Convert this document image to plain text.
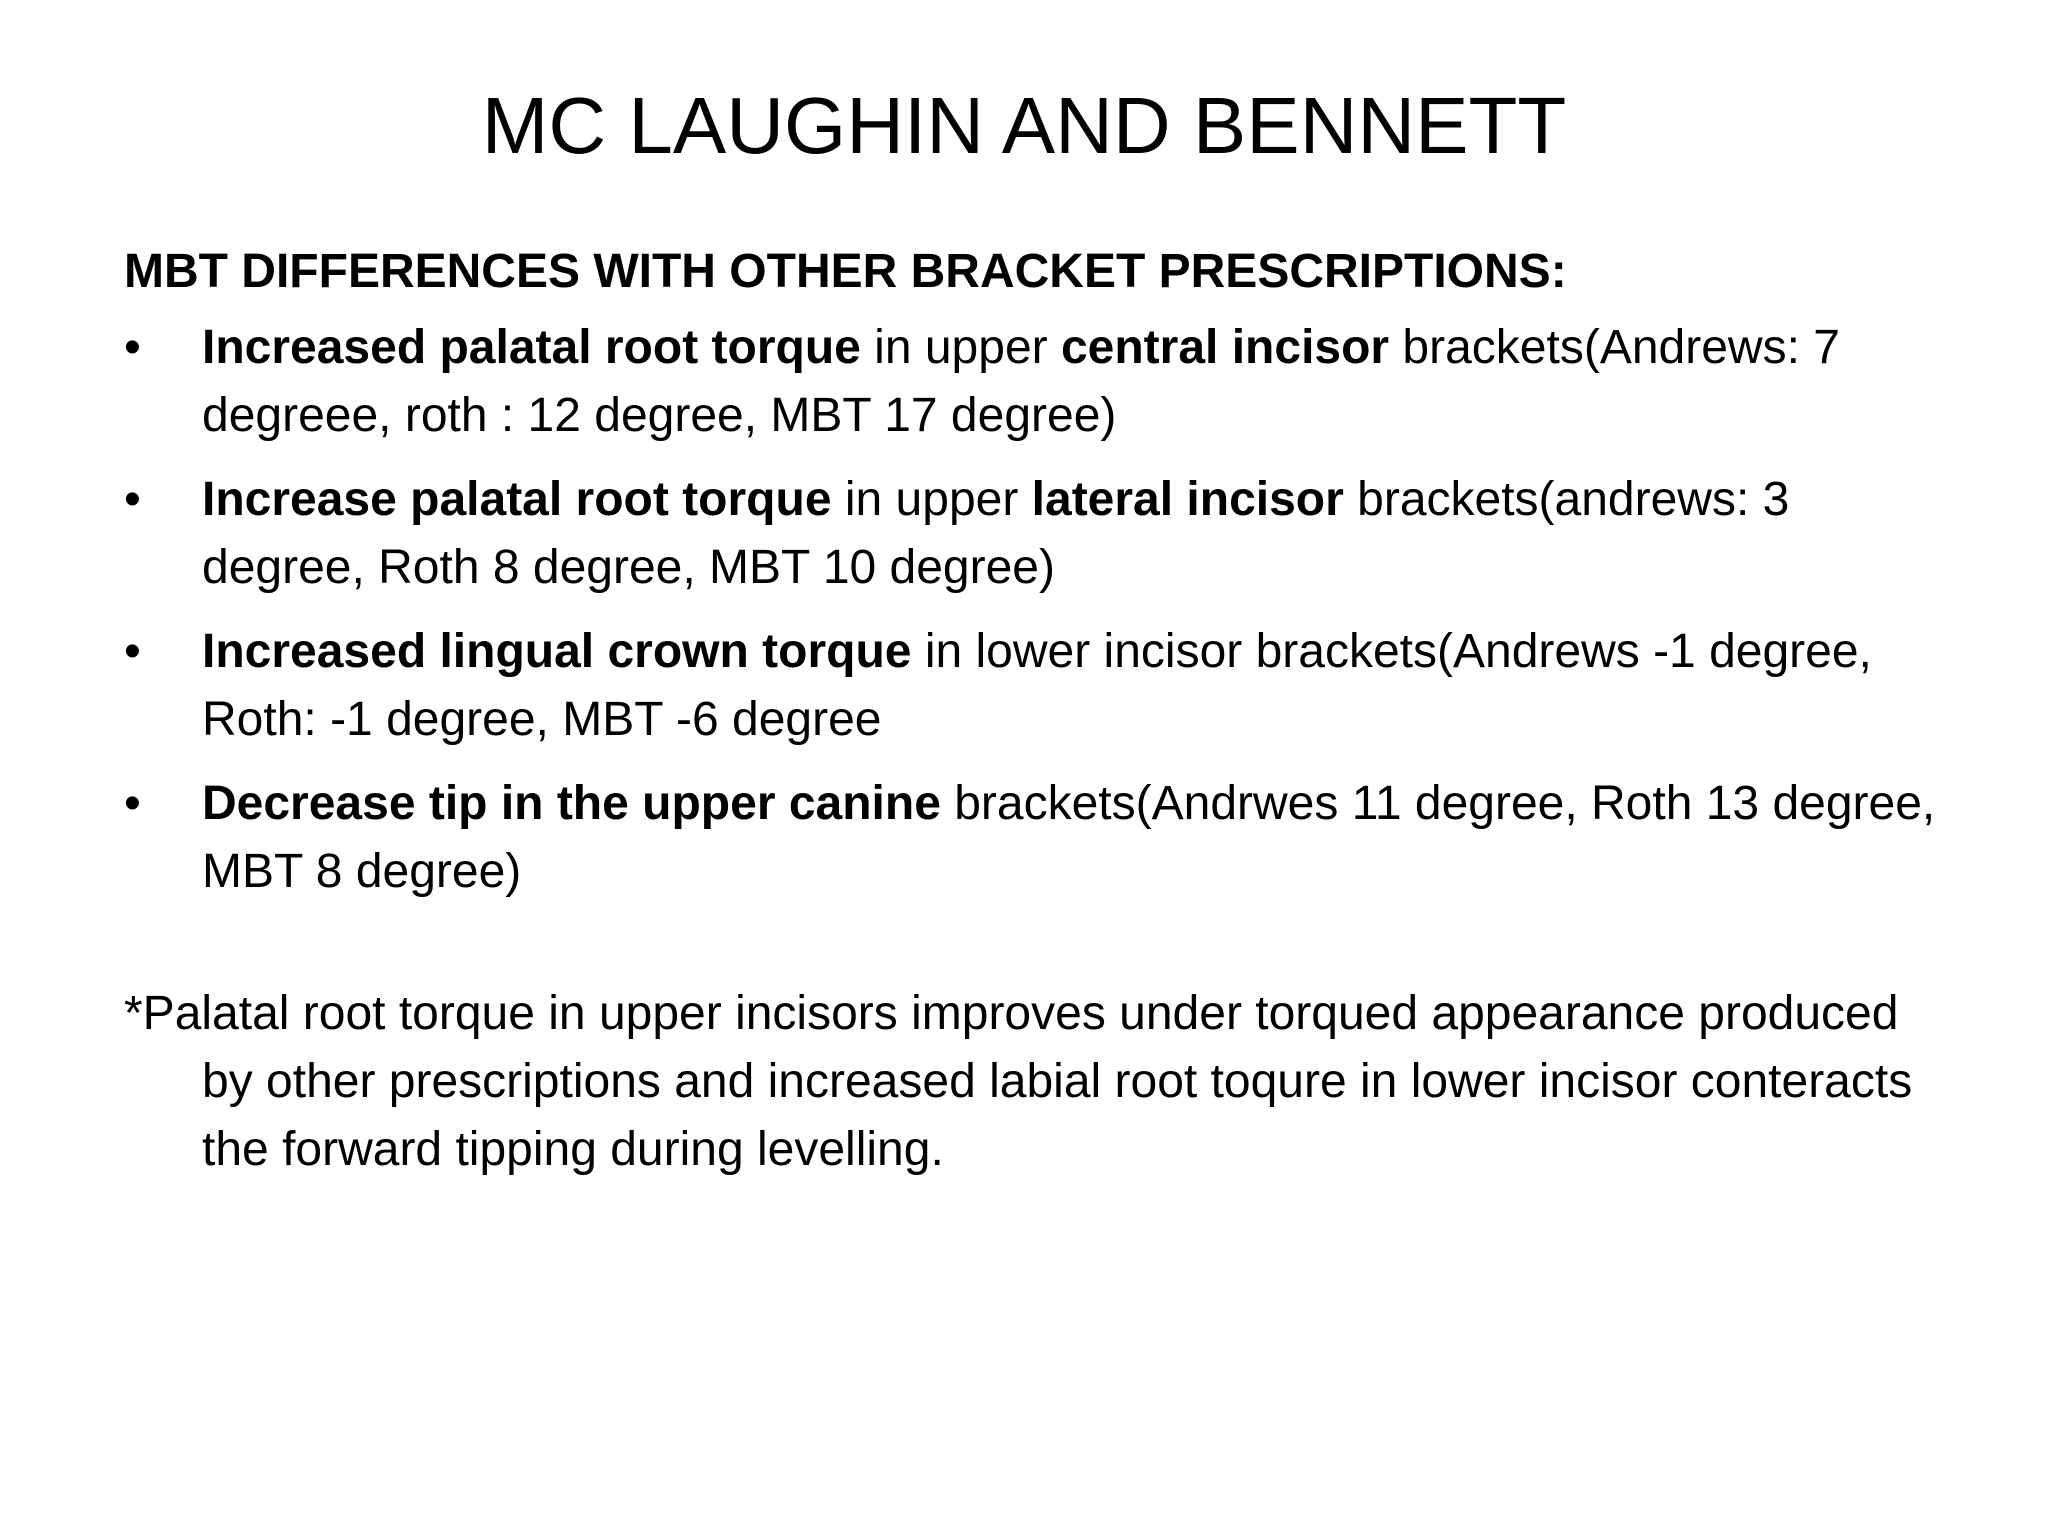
MC LAUGHIN AND BENNETT

MBT DIFFERENCES WITH OTHER BRACKET PRESCRIPTIONS:

•	Increased palatal root torque in upper central incisor brackets(Andrews: 7 degreee, roth : 12 degree, MBT 17 degree)
•	Increase palatal root torque in upper lateral incisor brackets(andrews: 3 degree, Roth 8 degree, MBT 10 degree)
•	Increased lingual crown torque in lower incisor brackets(Andrews -1 degree, Roth: -1 degree, MBT -6 degree
•	Decrease tip in the upper canine brackets(Andrwes 11 degree, Roth 13 degree, MBT 8 degree)

*Palatal root torque in upper incisors improves under torqued appearance produced by other prescriptions and increased labial root toqure in lower incisor conteracts the forward tipping during levelling.
